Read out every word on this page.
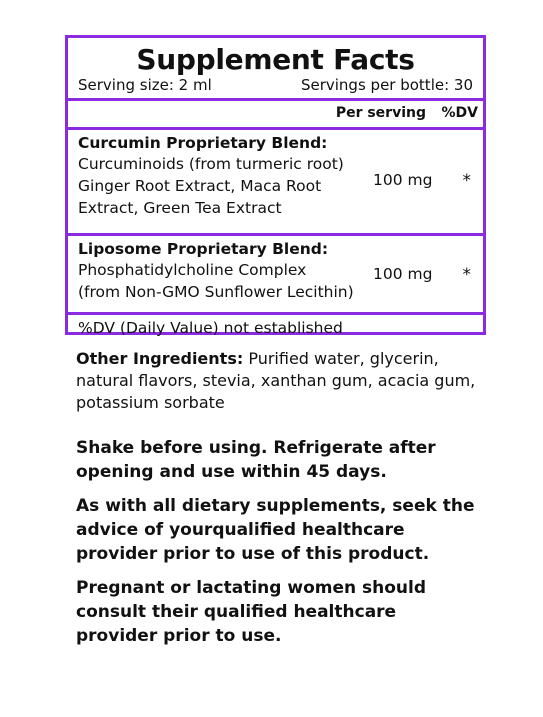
Supplement Facts
Serving size: 2 ml	Servings per bottle: 30
Per serving %DV
Curcumin Proprietary Blend:
Curcuminoids (from turmeric root)
Ginger Root Extract, Maca Root
Extract, Green Tea Extract
100 mg *
Liposome Proprietary Blend:
Phosphatidylcholine Complex
(from Non-GMO Sunflower Lecithin)
100 mg *
%DV (Daily Value) not established
Other Ingredients: Purified water, glycerin, natural flavors, stevia, xanthan gum, acacia gum, potassium sorbate
Shake before using. Refrigerate after opening and use within 45 days.
As with all dietary supplements, seek the advice of yourqualified healthcare provider prior to use of this product.
Pregnant or lactating women should consult their qualified healthcare provider prior to use.
